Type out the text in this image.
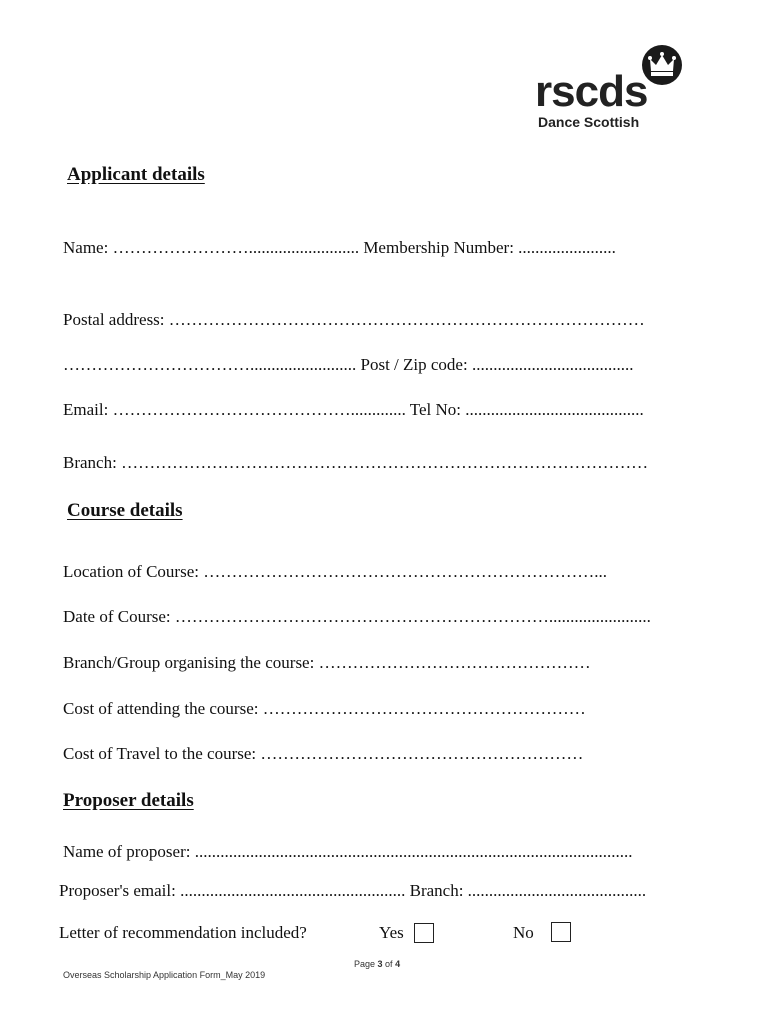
rscds
Dance Scottish
Applicant details
Name: …………………….......................... Membership Number: .......................
Postal address: …………………………………………………………………………
……………………………......................... Post / Zip code: ......................................
Email: ……………………………………............. Tel No: ..........................................
Branch: …………………………………………………………………………………
Course details
Location of Course: ……………………………………………………………...
Date of Course: …………………………………………………………........................
Branch/Group organising the course: …………………………………………
Cost of attending the course: …………………………………………………
Cost of Travel to the course: …………………………………………………
Proposer details
Name of proposer: .......................................................................................................
Proposer's email: ..................................................... Branch: ..........................................
Letter of recommendation included?	Yes	No
Page 3 of 4
Overseas Scholarship Application Form_May 2019
